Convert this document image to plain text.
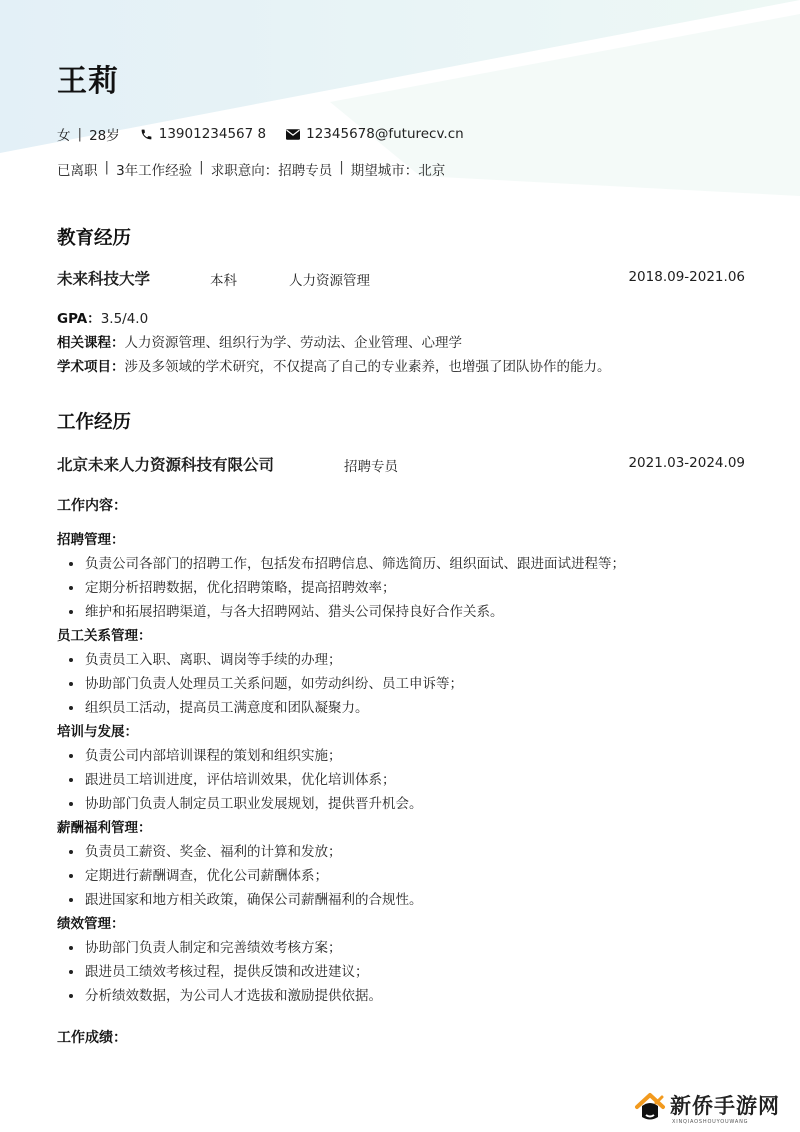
王莉
女 | 28岁	13901234567 8	12345678@futurecv.cn
已离职 | 3年工作经验 | 求职意向：招聘专员 | 期望城市：北京
教育经历
未来科技大学	本科	人力资源管理	2018.09-2021.06
GPA：3.5/4.0
相关课程：人力资源管理、组织行为学、劳动法、企业管理、心理学
学术项目：涉及多领域的学术研究，不仅提高了自己的专业素养，也增强了团队协作的能力。
工作经历
北京未来人力资源科技有限公司	招聘专员	2021.03-2024.09
工作内容：
招聘管理：
负责公司各部门的招聘工作，包括发布招聘信息、筛选简历、组织面试、跟进面试进程等；
定期分析招聘数据，优化招聘策略，提高招聘效率；
维护和拓展招聘渠道，与各大招聘网站、猎头公司保持良好合作关系。
员工关系管理：
负责员工入职、离职、调岗等手续的办理；
协助部门负责人处理员工关系问题，如劳动纠纷、员工申诉等；
组织员工活动，提高员工满意度和团队凝聚力。
培训与发展：
负责公司内部培训课程的策划和组织实施；
跟进员工培训进度，评估培训效果，优化培训体系；
协助部门负责人制定员工职业发展规划，提供晋升机会。
薪酬福利管理：
负责员工薪资、奖金、福利的计算和发放；
定期进行薪酬调查，优化公司薪酬体系；
跟进国家和地方相关政策，确保公司薪酬福利的合规性。
绩效管理：
协助部门负责人制定和完善绩效考核方案；
跟进员工绩效考核过程，提供反馈和改进建议；
分析绩效数据，为公司人才选拔和激励提供依据。
工作成绩：
新侨手游网
XINQIAOSHOUYOUWANG
